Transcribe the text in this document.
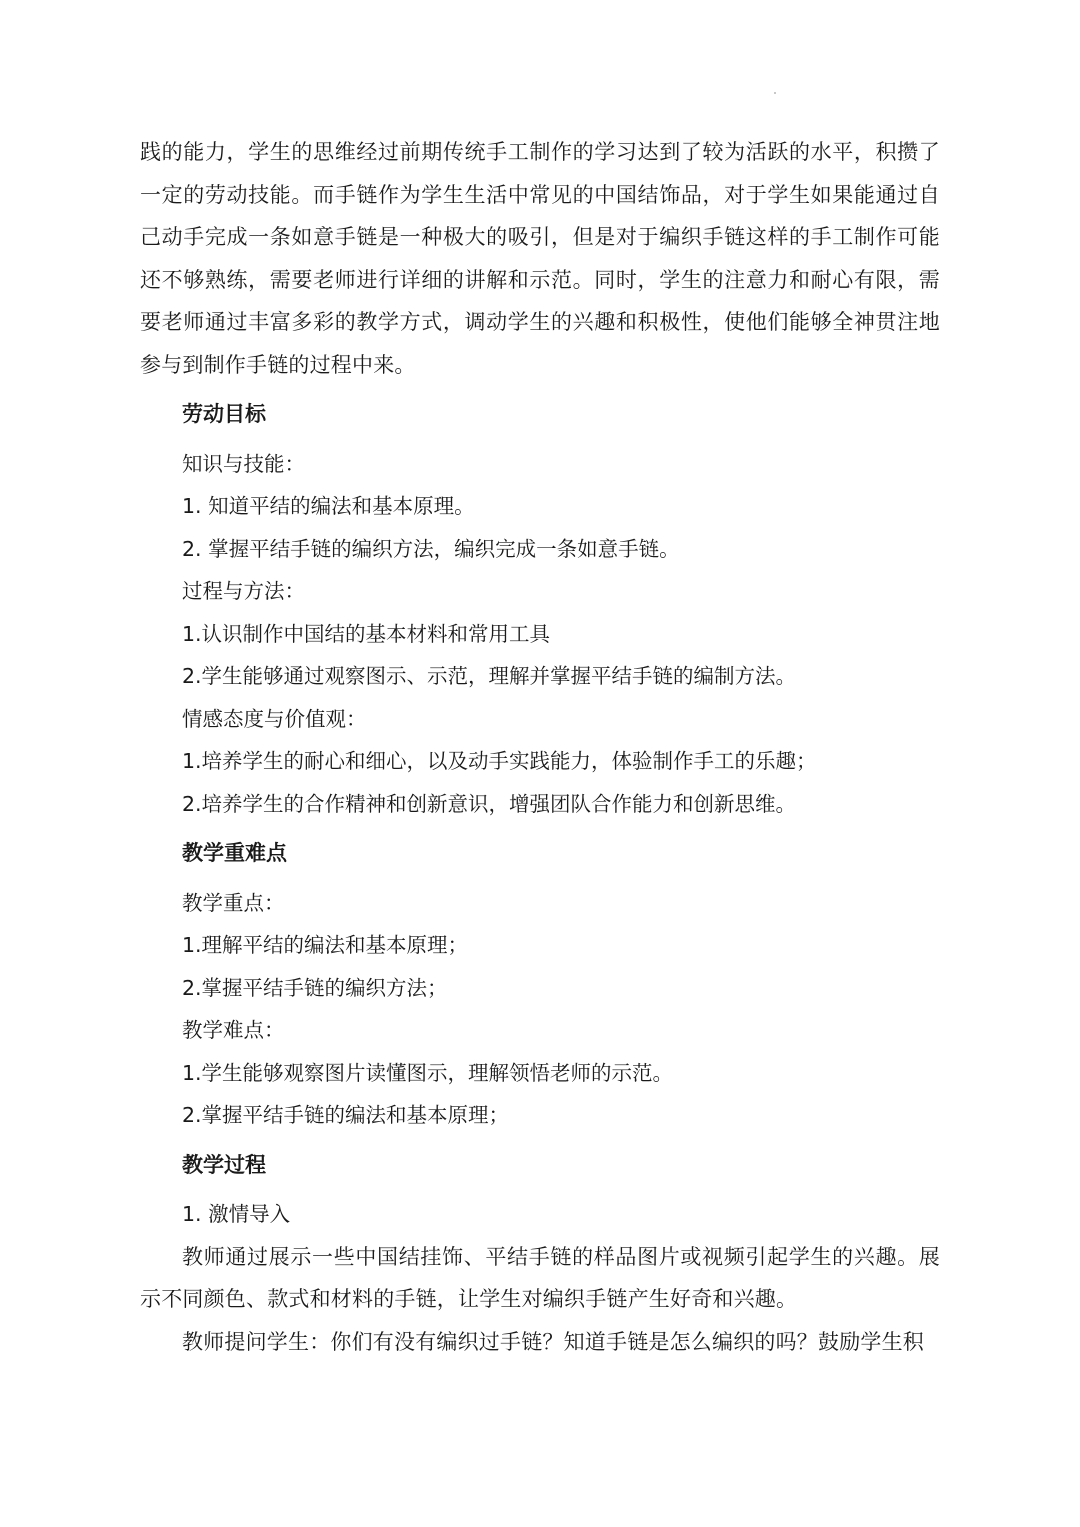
践的能力，学生的思维经过前期传统手工制作的学习达到了较为活跃的水平，积攒了一定的劳动技能。而手链作为学生生活中常见的中国结饰品，对于学生如果能通过自己动手完成一条如意手链是一种极大的吸引，但是对于编织手链这样的手工制作可能还不够熟练，需要老师进行详细的讲解和示范。同时，学生的注意力和耐心有限，需要老师通过丰富多彩的教学方式，调动学生的兴趣和积极性，使他们能够全神贯注地参与到制作手链的过程中来。

劳动目标
知识与技能：
1. 知道平结的编法和基本原理。
2. 掌握平结手链的编织方法，编织完成一条如意手链。
过程与方法：
1.认识制作中国结的基本材料和常用工具
2.学生能够通过观察图示、示范，理解并掌握平结手链的编制方法。
情感态度与价值观：
1.培养学生的耐心和细心，以及动手实践能力，体验制作手工的乐趣；
2.培养学生的合作精神和创新意识，增强团队合作能力和创新思维。
教学重难点
教学重点：
1.理解平结的编法和基本原理；
2.掌握平结手链的编织方法；
教学难点：
1.学生能够观察图片读懂图示，理解领悟老师的示范。
2.掌握平结手链的编法和基本原理；
教学过程
1. 激情导入

教师通过展示一些中国结挂饰、平结手链的样品图片或视频引起学生的兴趣。展示不同颜色、款式和材料的手链，让学生对编织手链产生好奇和兴趣。

教师提问学生：你们有没有编织过手链？知道手链是怎么编织的吗？鼓励学生积
